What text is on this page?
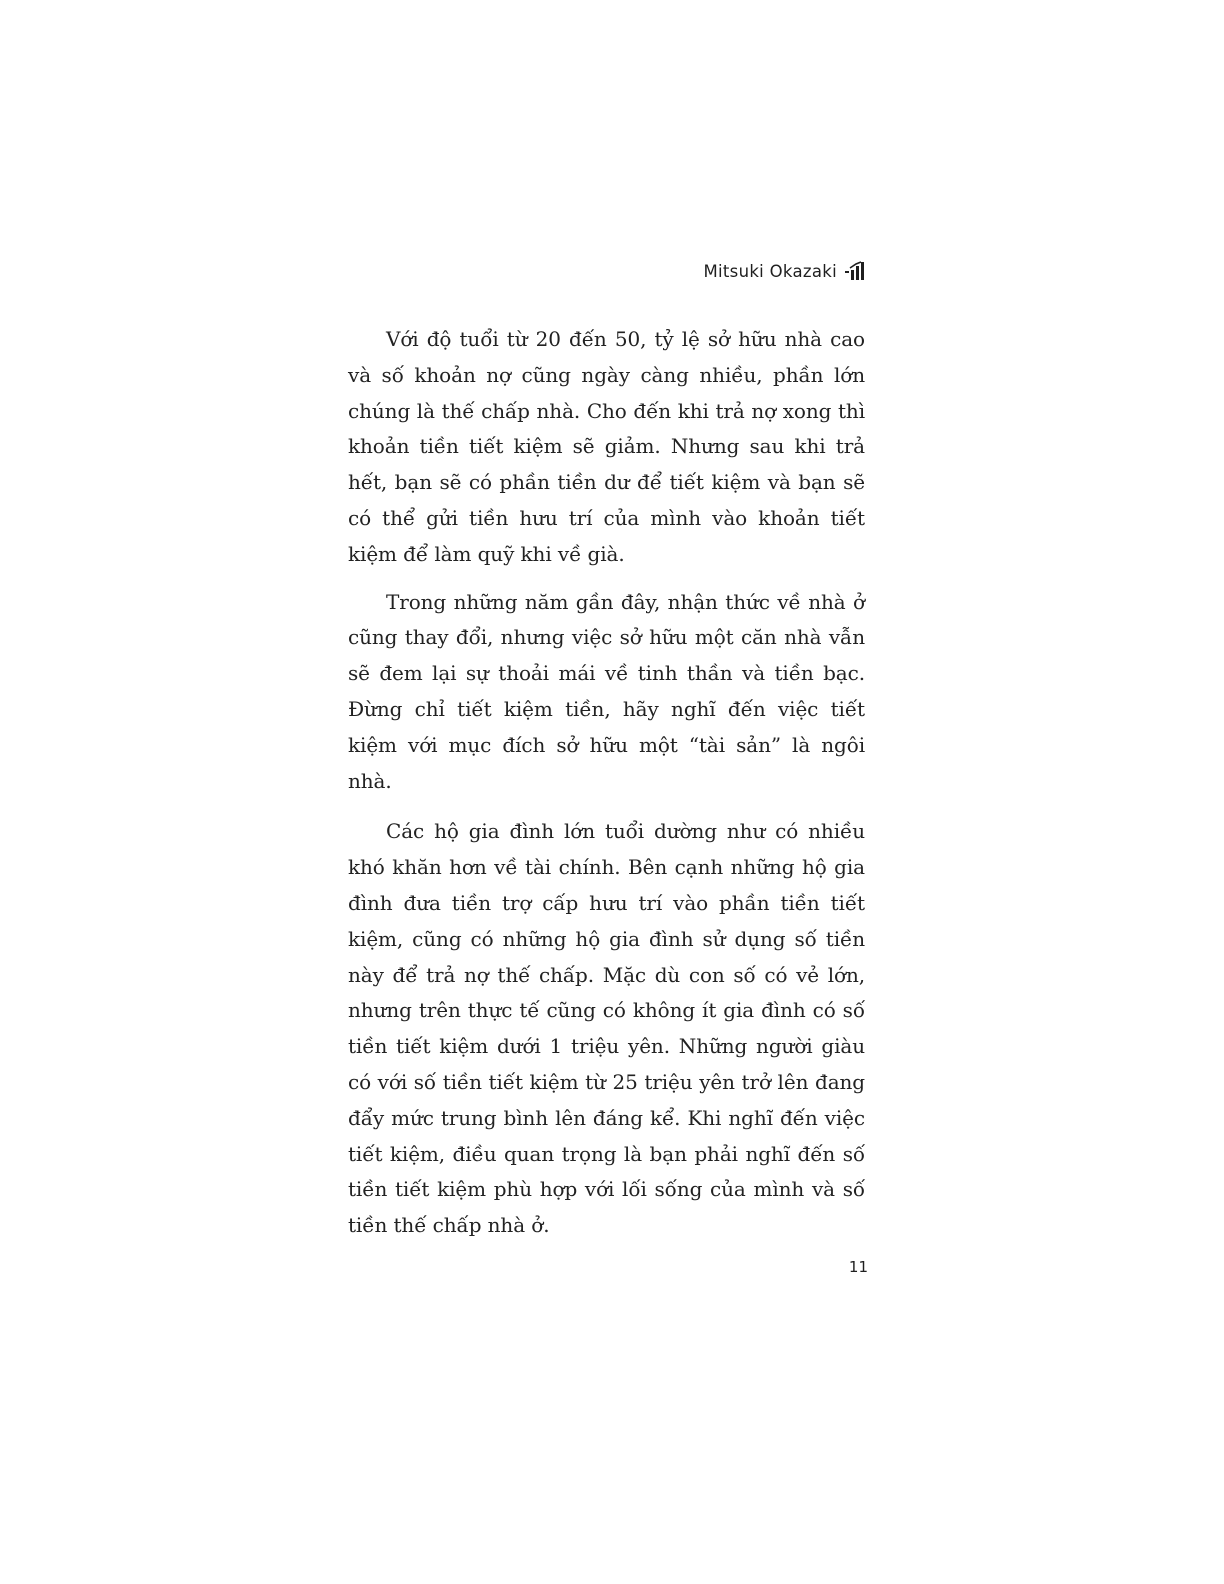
Mitsuki Okazaki

Với độ tuổi từ 20 đến 50, tỷ lệ sở hữu nhà cao và số khoản nợ cũng ngày càng nhiều, phần lớn chúng là thế chấp nhà. Cho đến khi trả nợ xong thì khoản tiền tiết kiệm sẽ giảm. Nhưng sau khi trả hết, bạn sẽ có phần tiền dư để tiết kiệm và bạn sẽ có thể gửi tiền hưu trí của mình vào khoản tiết kiệm để làm quỹ khi về già.

Trong những năm gần đây, nhận thức về nhà ở cũng thay đổi, nhưng việc sở hữu một căn nhà vẫn sẽ đem lại sự thoải mái về tinh thần và tiền bạc. Đừng chỉ tiết kiệm tiền, hãy nghĩ đến việc tiết kiệm với mục đích sở hữu một “tài sản” là ngôi nhà.

Các hộ gia đình lớn tuổi dường như có nhiều khó khăn hơn về tài chính. Bên cạnh những hộ gia đình đưa tiền trợ cấp hưu trí vào phần tiền tiết kiệm, cũng có những hộ gia đình sử dụng số tiền này để trả nợ thế chấp. Mặc dù con số có vẻ lớn, nhưng trên thực tế cũng có không ít gia đình có số tiền tiết kiệm dưới 1 triệu yên. Những người giàu có với số tiền tiết kiệm từ 25 triệu yên trở lên đang đẩy mức trung bình lên đáng kể. Khi nghĩ đến việc tiết kiệm, điều quan trọng là bạn phải nghĩ đến số tiền tiết kiệm phù hợp với lối sống của mình và số tiền thế chấp nhà ở.

11
